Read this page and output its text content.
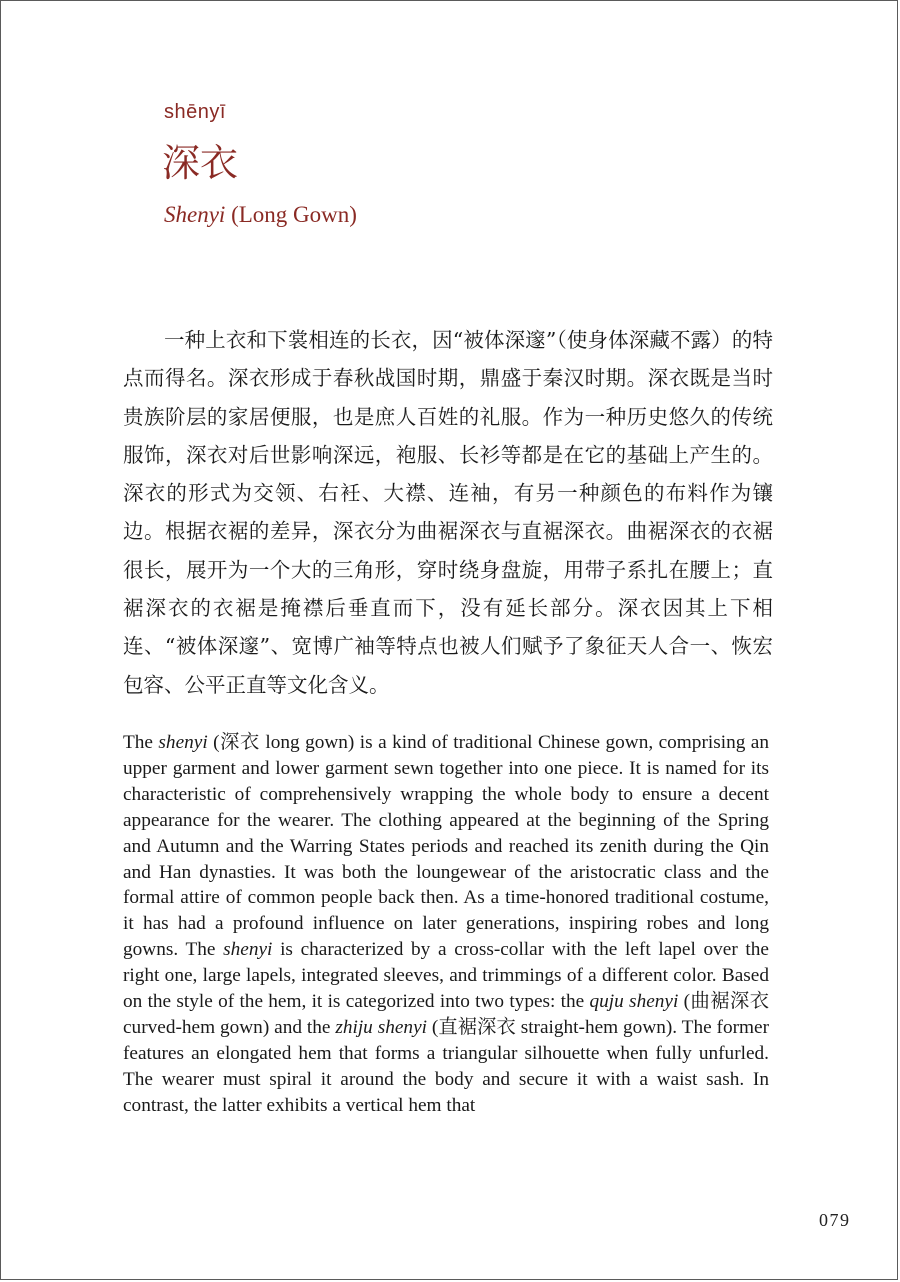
shēnyī
深衣
Shenyi (Long Gown)

一种上衣和下裳相连的长衣，因“被体深邃”（使身体深藏不露）的特点而得名。深衣形成于春秋战国时期，鼎盛于秦汉时期。深衣既是当时贵族阶层的家居便服，也是庶人百姓的礼服。作为一种历史悠久的传统服饰，深衣对后世影响深远，袍服、长衫等都是在它的基础上产生的。深衣的形式为交领、右衽、大襟、连袖，有另一种颜色的布料作为镶边。根据衣裾的差异，深衣分为曲裾深衣与直裾深衣。曲裾深衣的衣裾很长，展开为一个大的三角形，穿时绕身盘旋，用带子系扎在腰上；直裾深衣的衣裾是掩襟后垂直而下，没有延长部分。深衣因其上下相连、“被体深邃”、宽博广袖等特点也被人们赋予了象征天人合一、恢宏包容、公平正直等文化含义。

The shenyi (深衣 long gown) is a kind of traditional Chinese gown, comprising an upper garment and lower garment sewn together into one piece. It is named for its characteristic of comprehensively wrapping the whole body to ensure a decent appearance for the wearer. The clothing appeared at the beginning of the Spring and Autumn and the Warring States periods and reached its zenith during the Qin and Han dynasties. It was both the loungewear of the aristocratic class and the formal attire of common people back then. As a time-honored traditional costume, it has had a profound influence on later generations, inspiring robes and long gowns. The shenyi is characterized by a cross-collar with the left lapel over the right one, large lapels, integrated sleeves, and trimmings of a different color. Based on the style of the hem, it is categorized into two types: the quju shenyi (曲裾深衣 curved-hem gown) and the zhiju shenyi (直裾深衣 straight-hem gown). The former features an elongated hem that forms a triangular silhouette when fully unfurled. The wearer must spiral it around the body and secure it with a waist sash. In contrast, the latter exhibits a vertical hem that

079
